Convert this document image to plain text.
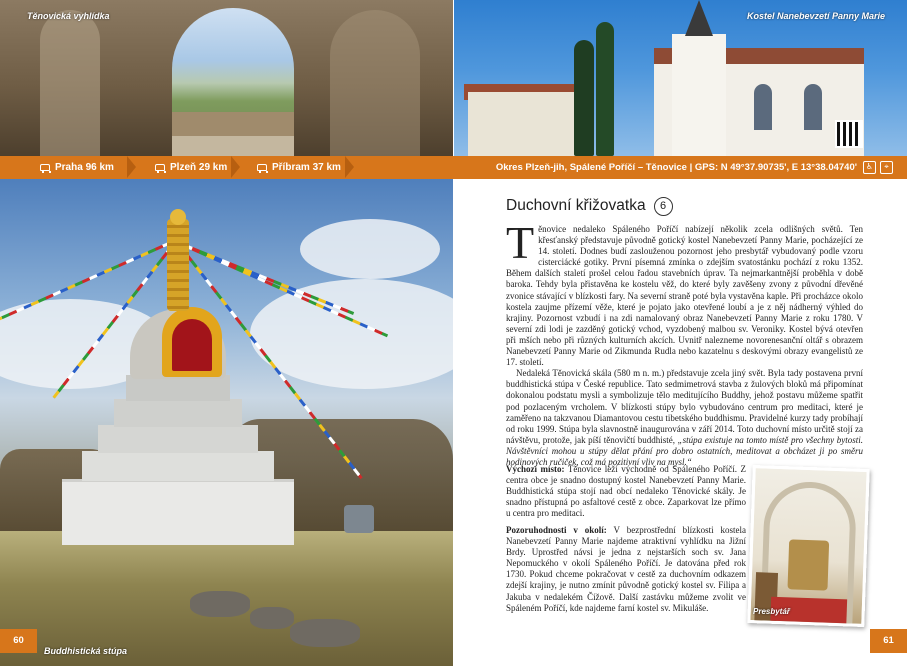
Těnovická vyhlídka	Kostel Nanebevzetí Panny Marie
Praha 96 km	Plzeň 29 km	Příbram 37 km	Okres Plzeň-jih, Spálené Poříčí – Těnovice | GPS: N 49°37.90735', E 13°38.04740'	♿	⌖
Buddhistická stúpa
Duchovní křižovatka	6

Těnovice nedaleko Spáleného Poříčí nabízejí několik zcela odlišných světů. Ten křesťanský představuje původně gotický kostel Nanebevzetí Panny Marie, pocházející ze 14. století. Dodnes budí zaslouženou pozornost jeho presbytář vybudovaný podle vzoru cisterciácké gotiky. První písemná zmínka o zdejším svatostánku pochází z roku 1352. Během dalších staletí prošel celou řadou stavebních úprav. Ta nejmarkantnější proběhla v době baroka. Tehdy byla přistavěna ke kostelu věž, do které byly zavěšeny zvony z původní dřevěné zvonice stávající v blízkosti fary. Na severní straně poté byla vystavěna kaple. Při procházce okolo kostela zaujme přízemí věže, které je pojato jako otevřené loubí a je z něj nádherný výhled do krajiny. Pozornost vzbudí i na zdi namalovaný obraz Nanebevzetí Panny Marie z roku 1780. V severní zdi lodi je zazděný gotický vchod, vyzdobený malbou sv. Veroniky. Kostel bývá otevřen při mších nebo při různých kulturních akcích. Uvnitř nalezneme novorenesanční oltář s obrazem Nanebevzetí Panny Marie od Zikmunda Rudla nebo kazatelnu s deskovými obrazy evangelistů ze 17. století.

Nedaleká Těnovická skála (580 m n. m.) představuje zcela jiný svět. Byla tady postavena první buddhistická stúpa v České republice. Tato sedmimetrová stavba z žulových bloků má připomínat dokonalou podstatu mysli a symbolizuje tělo meditujícího Buddhy, jehož postavu můžeme spatřit pod pozlaceným vrcholem. V blízkosti stúpy bylo vybudováno centrum pro meditaci, které je zaměřeno na takzvanou Diamantovou cestu tibetského buddhismu. Pravidelné kurzy tady probíhají od roku 1999. Stúpa byla slavnostně inaugurována v září 2014. Toto duchovní místo určitě stojí za návštěvu, protože, jak píší těnovičtí buddhisté, „stúpa existuje na tomto místě pro všechny bytosti. Návštěvníci mohou u stúpy dělat přání pro dobro ostatních, meditovat a obcházet ji po směru hodinových ručiček, což má pozitivní vliv na mysl.“

Výchozí místo: Těnovice leží východně od Spáleného Poříčí. Z centra obce je snadno dostupný kostel Nanebevzetí Panny Marie. Buddhistická stúpa stojí nad obcí nedaleko Těnovické skály. Je snadno přístupná po asfaltové cestě z obce. Zaparkovat lze přímo u centra pro meditaci.

Pozoruhodnosti v okolí: V bezprostřední blízkosti kostela Nanebevzetí Panny Marie najdeme atraktivní vyhlídku na Jižní Brdy. Uprostřed návsi je jedna z nejstarších soch sv. Jana Nepomuckého v okolí Spáleného Poříčí. Je datována před rok 1730. Pokud chceme pokračovat v cestě za duchovním odkazem zdejší krajiny, je nutno zmínit původně gotický kostel sv. Filipa a Jakuba v nedalekém Čížově. Další zastávku můžeme zvolit ve Spáleném Poříčí, kde najdeme farní kostel sv. Mikuláše.	Presbytář
60	61
